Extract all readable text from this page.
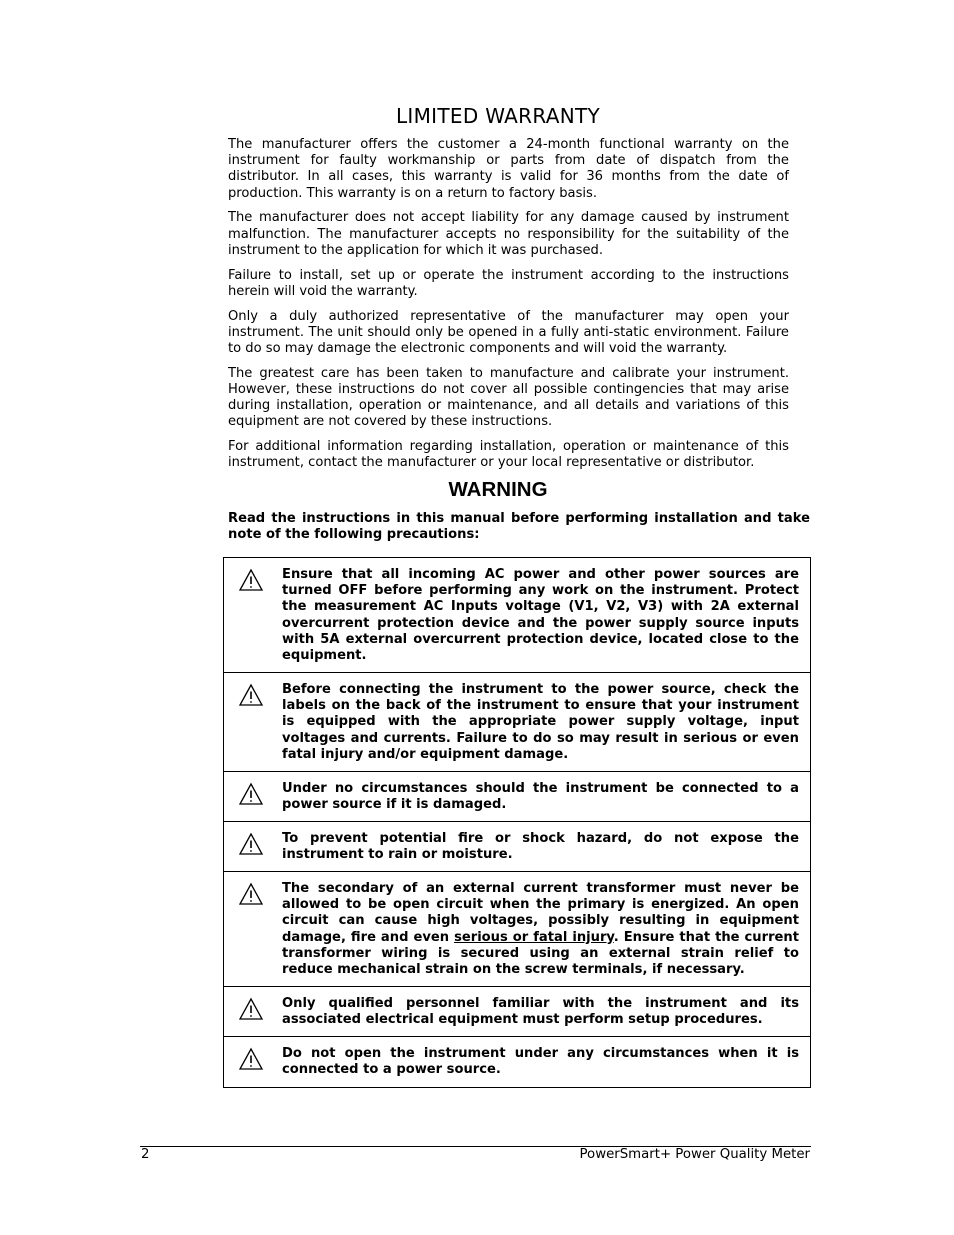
LIMITED WARRANTY

The manufacturer offers the customer a 24-month functional warranty on the instrument for faulty workmanship or parts from date of dispatch from the distributor. In all cases, this warranty is valid for 36 months from the date of production. This warranty is on a return to factory basis.

The manufacturer does not accept liability for any damage caused by instrument malfunction. The manufacturer accepts no responsibility for the suitability of the instrument to the application for which it was purchased.

Failure to install, set up or operate the instrument according to the instructions herein will void the warranty.

Only a duly authorized representative of the manufacturer may open your instrument. The unit should only be opened in a fully anti-static environment. Failure to do so may damage the electronic components and will void the warranty.

The greatest care has been taken to manufacture and calibrate your instrument. However, these instructions do not cover all possible contingencies that may arise during installation, operation or maintenance, and all details and variations of this equipment are not covered by these instructions.

For additional information regarding installation, operation or maintenance of this instrument, contact the manufacturer or your local representative or distributor.

WARNING

Read the instructions in this manual before performing installation and take note of the following precautions:

Ensure that all incoming AC power and other power sources are turned OFF before performing any work on the instrument. Protect the measurement AC Inputs voltage (V1, V2, V3) with 2A external overcurrent protection device and the power supply source inputs with 5A external overcurrent protection device, located close to the equipment.
Before connecting the instrument to the power source, check the labels on the back of the instrument to ensure that your instrument is equipped with the appropriate power supply voltage, input voltages and currents. Failure to do so may result in serious or even fatal injury and/or equipment damage.
Under no circumstances should the instrument be connected to a power source if it is damaged.
To prevent potential fire or shock hazard, do not expose the instrument to rain or moisture.
The secondary of an external current transformer must never be allowed to be open circuit when the primary is energized. An open circuit can cause high voltages, possibly resulting in equipment damage, fire and even serious or fatal injury. Ensure that the current transformer wiring is secured using an external strain relief to reduce mechanical strain on the screw terminals, if necessary.
Only qualified personnel familiar with the instrument and its associated electrical equipment must perform setup procedures.
Do not open the instrument under any circumstances when it is connected to a power source.
2	PowerSmart+ Power Quality Meter
